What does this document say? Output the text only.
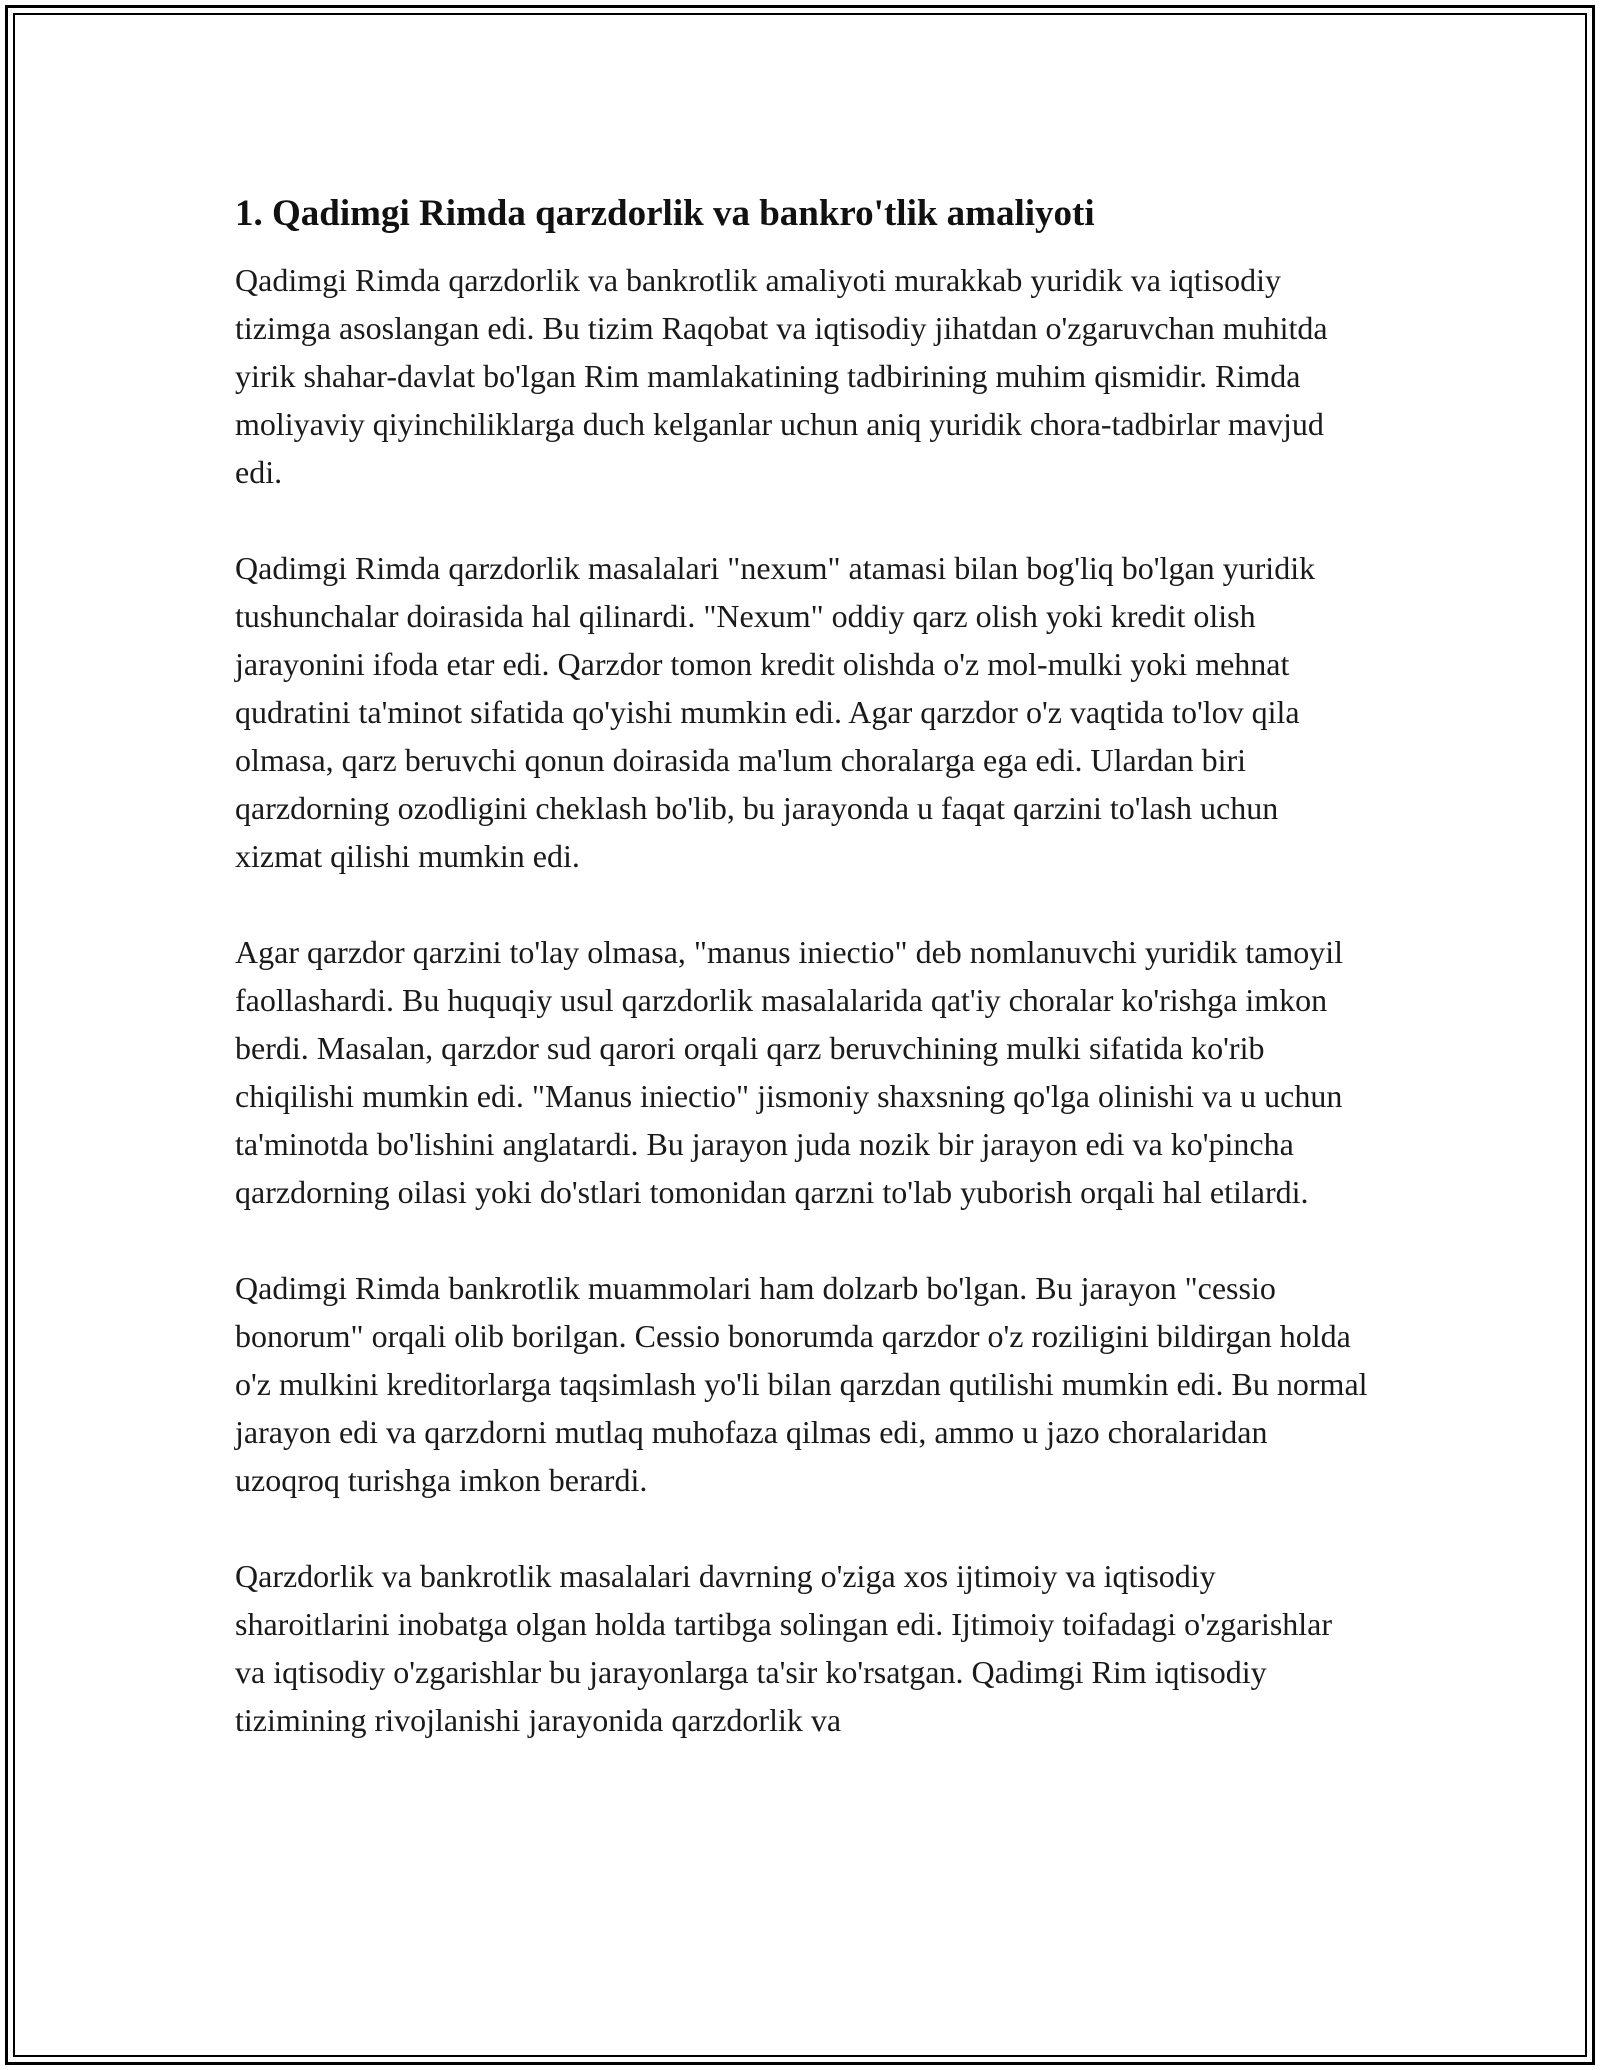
1. Qadimgi Rimda qarzdorlik va bankro'tlik amaliyoti

Qadimgi Rimda qarzdorlik va bankrotlik amaliyoti murakkab yuridik va iqtisodiy tizimga asoslangan edi. Bu tizim Raqobat va iqtisodiy jihatdan o'zgaruvchan muhitda yirik shahar-davlat bo'lgan Rim mamlakatining tadbirining muhim qismidir. Rimda moliyaviy qiyinchiliklarga duch kelganlar uchun aniq yuridik chora-tadbirlar mavjud edi.

Qadimgi Rimda qarzdorlik masalalari "nexum" atamasi bilan bog'liq bo'lgan yuridik tushunchalar doirasida hal qilinardi. "Nexum" oddiy qarz olish yoki kredit olish jarayonini ifoda etar edi. Qarzdor tomon kredit olishda o'z mol-mulki yoki mehnat qudratini ta'minot sifatida qo'yishi mumkin edi. Agar qarzdor o'z vaqtida to'lov qila olmasa, qarz beruvchi qonun doirasida ma'lum choralarga ega edi. Ulardan biri qarzdorning ozodligini cheklash bo'lib, bu jarayonda u faqat qarzini to'lash uchun xizmat qilishi mumkin edi.

Agar qarzdor qarzini to'lay olmasa, "manus iniectio" deb nomlanuvchi yuridik tamoyil faollashardi. Bu huquqiy usul qarzdorlik masalalarida qat'iy choralar ko'rishga imkon berdi. Masalan, qarzdor sud qarori orqali qarz beruvchining mulki sifatida ko'rib chiqilishi mumkin edi. "Manus iniectio" jismoniy shaxsning qo'lga olinishi va u uchun ta'minotda bo'lishini anglatardi. Bu jarayon juda nozik bir jarayon edi va ko'pincha qarzdorning oilasi yoki do'stlari tomonidan qarzni to'lab yuborish orqali hal etilardi.

Qadimgi Rimda bankrotlik muammolari ham dolzarb bo'lgan. Bu jarayon "cessio bonorum" orqali olib borilgan. Cessio bonorumda qarzdor o'z roziligini bildirgan holda o'z mulkini kreditorlarga taqsimlash yo'li bilan qarzdan qutilishi mumkin edi. Bu normal jarayon edi va qarzdorni mutlaq muhofaza qilmas edi, ammo u jazo choralaridan uzoqroq turishga imkon berardi.

Qarzdorlik va bankrotlik masalalari davrning o'ziga xos ijtimoiy va iqtisodiy sharoitlarini inobatga olgan holda tartibga solingan edi. Ijtimoiy toifadagi o'zgarishlar va iqtisodiy o'zgarishlar bu jarayonlarga ta'sir ko'rsatgan. Qadimgi Rim iqtisodiy tizimining rivojlanishi jarayonida qarzdorlik va
